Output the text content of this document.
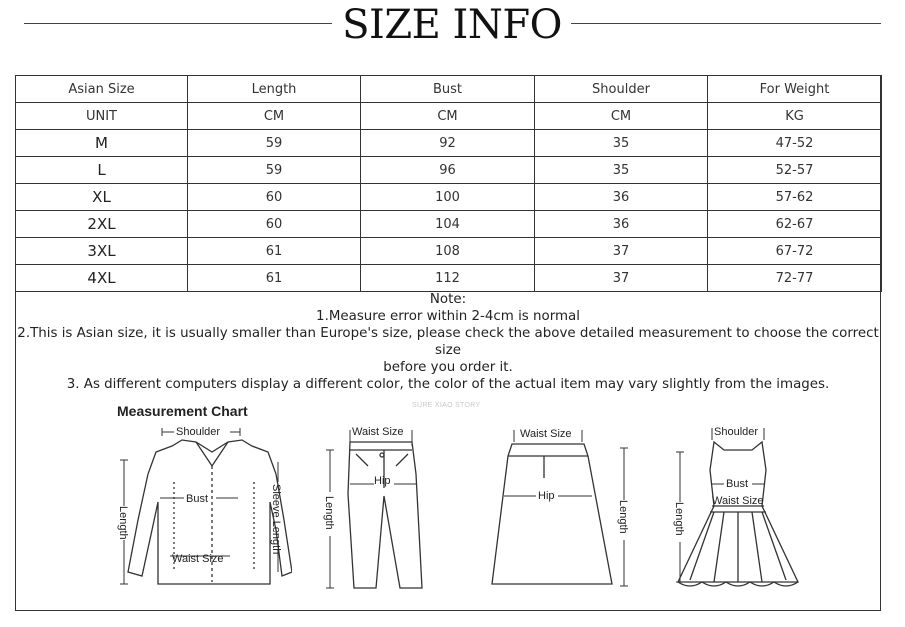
SIZE INFO
Asian Size	Length	Bust	Shoulder	For Weight
UNIT	CM	CM	CM	KG
M	59	92	35	47-52
L	59	96	35	52-57
XL	60	100	36	57-62
2XL	60	104	36	62-67
3XL	61	108	37	67-72
4XL	61	112	37	72-77
Note:
1.Measure error within 2-4cm is normal
2.This is Asian size, it is usually smaller than Europe's size, please check the above detailed measurement to choose the correct size
before you order it.
3. As different computers display a different color, the color of the actual item may vary slightly from the images.
Measurement Chart	SURE XIAO STORY
Shoulder
Bust
Waist Size
Length	Sleeve Length
Waist Size
Hip
Length
Waist Size
Hip
Length
Shoulder
Bust
Waist Size
Length
